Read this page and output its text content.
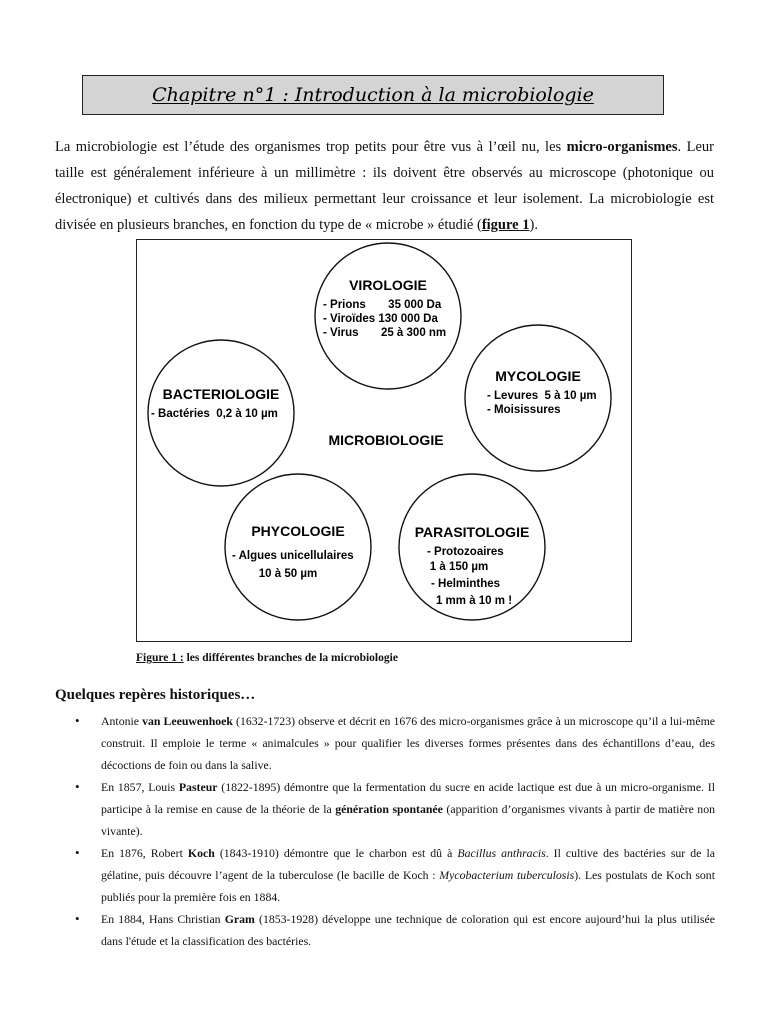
Chapitre n°1 : Introduction à la microbiologie

La microbiologie est l’étude des organismes trop petits pour être vus à l’œil nu, les micro-organismes. Leur taille est généralement inférieure à un millimètre : ils doivent être observés au microscope (photonique ou électronique) et cultivés dans des milieux permettant leur croissance et leur isolement. La microbiologie est divisée en plusieurs branches, en fonction du type de « microbe » étudié (figure 1).

VIROLOGIE
- Prions       35 000 Da
- Viroïdes 130 000 Da
- Virus       25 à 300 nm
MYCOLOGIE
- Levures  5 à 10 µm
- Moisissures
BACTERIOLOGIE
- Bactéries  0,2 à 10 µm
MICROBIOLOGIE
PHYCOLOGIE
- Algues unicellulaires
10 à 50 µm
PARASITOLOGIE
- Protozoaires
1 à 150 µm
- Helminthes
1 mm à 10 m !

Figure 1 : les différentes branches de la microbiologie

Quelques repères historiques…

• Antonie van Leeuwenhoek (1632-1723) observe et décrit en 1676 des micro-organismes grâce à un microscope qu’il a lui-même construit. Il emploie le terme « animalcules » pour qualifier les diverses formes présentes dans des échantillons d’eau, des décoctions de foin ou dans la salive.
• En 1857, Louis Pasteur (1822-1895) démontre que la fermentation du sucre en acide lactique est due à un micro-organisme. Il participe à la remise en cause de la théorie de la génération spontanée (apparition d’organismes vivants à partir de matière non vivante).
• En 1876, Robert Koch (1843-1910) démontre que le charbon est dû à Bacillus anthracis. Il cultive des bactéries sur de la gélatine, puis découvre l’agent de la tuberculose (le bacille de Koch : Mycobacterium tuberculosis). Les postulats de Koch sont publiés pour la première fois en 1884.
• En 1884, Hans Christian Gram (1853-1928) développe une technique de coloration qui est encore aujourd’hui la plus utilisée dans l'étude et la classification des bactéries.
